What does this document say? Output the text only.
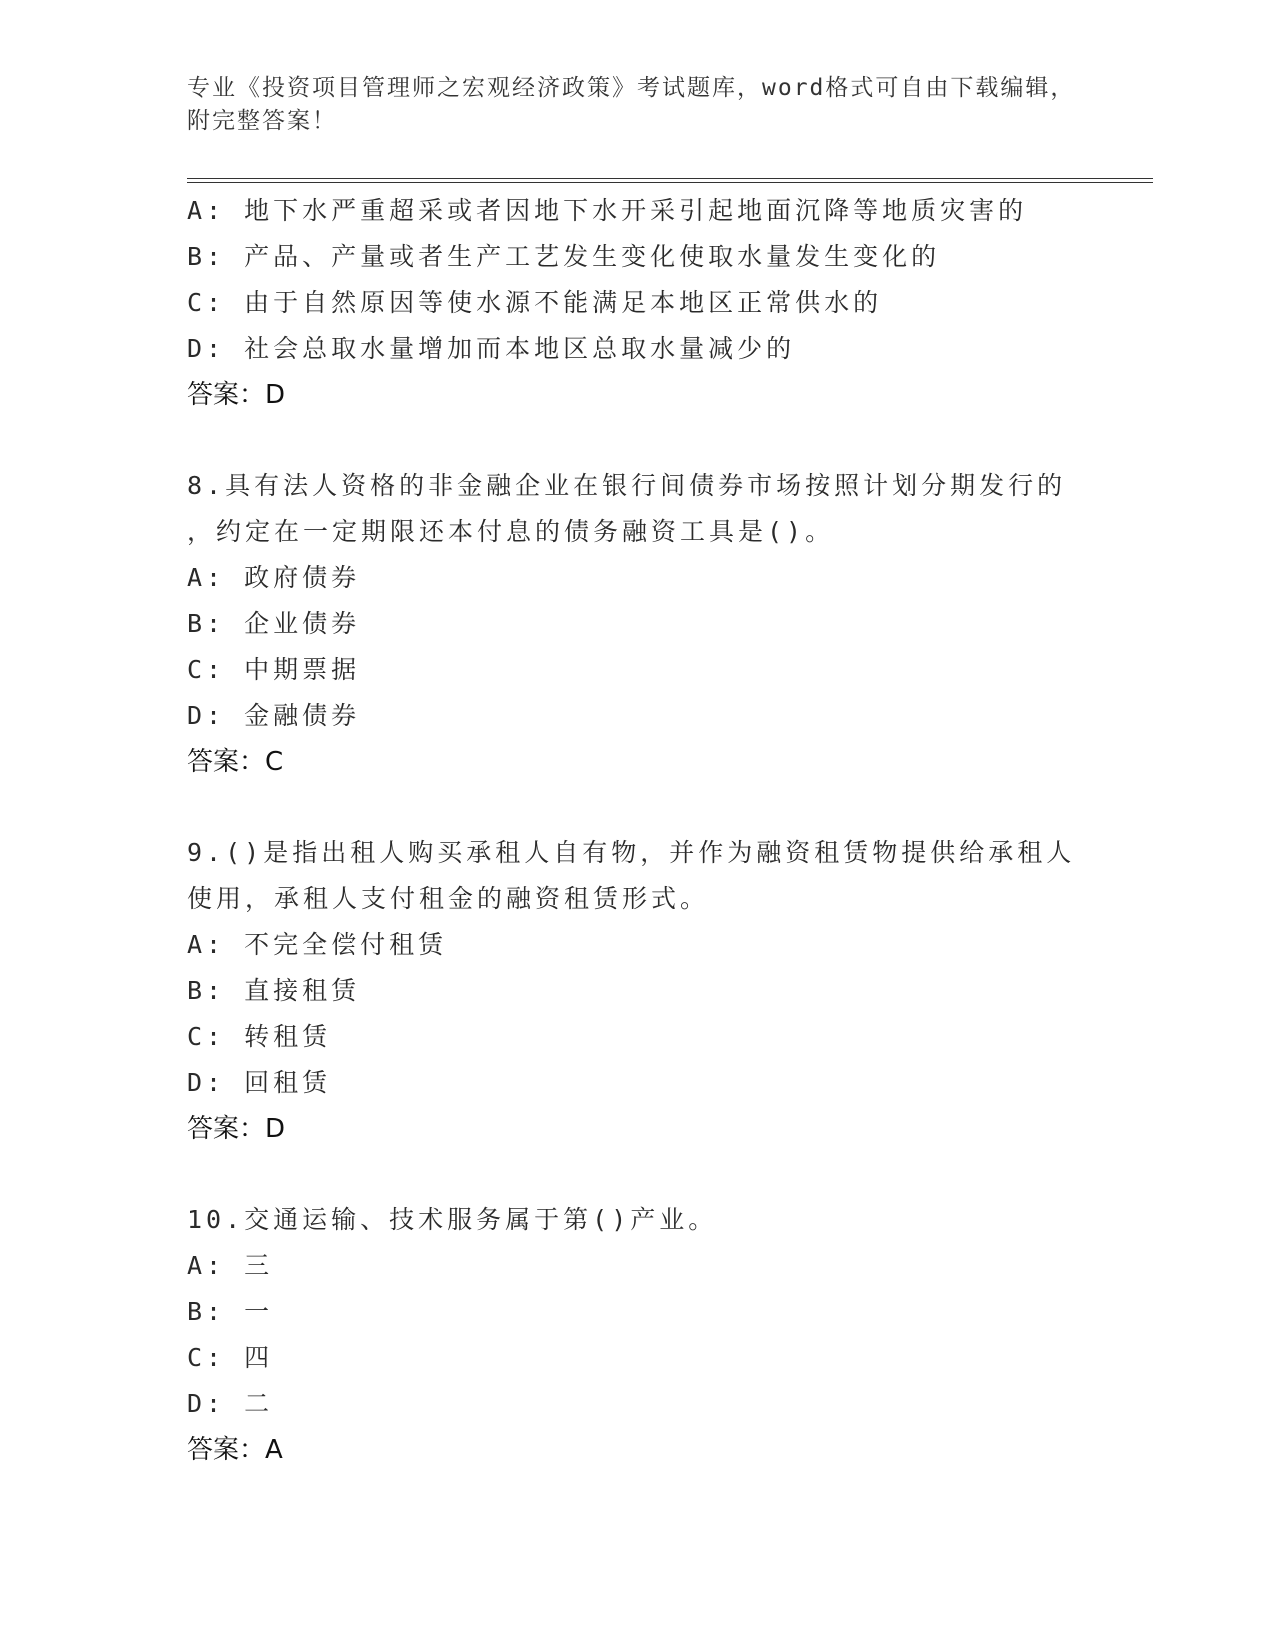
专业《投资项目管理师之宏观经济政策》考试题库，word格式可自由下载编辑，
附完整答案！
A: 地下水严重超采或者因地下水开采引起地面沉降等地质灾害的
B: 产品、产量或者生产工艺发生变化使取水量发生变化的
C: 由于自然原因等使水源不能满足本地区正常供水的
D: 社会总取水量增加而本地区总取水量减少的
答案：D
8.具有法人资格的非金融企业在银行间债券市场按照计划分期发行的
，约定在一定期限还本付息的债务融资工具是()。
A: 政府债券
B: 企业债券
C: 中期票据
D: 金融债券
答案：C
9.()是指出租人购买承租人自有物，并作为融资租赁物提供给承租人
使用，承租人支付租金的融资租赁形式。
A: 不完全偿付租赁
B: 直接租赁
C: 转租赁
D: 回租赁
答案：D
10.交通运输、技术服务属于第()产业。
A: 三
B: 一
C: 四
D: 二
答案：A
